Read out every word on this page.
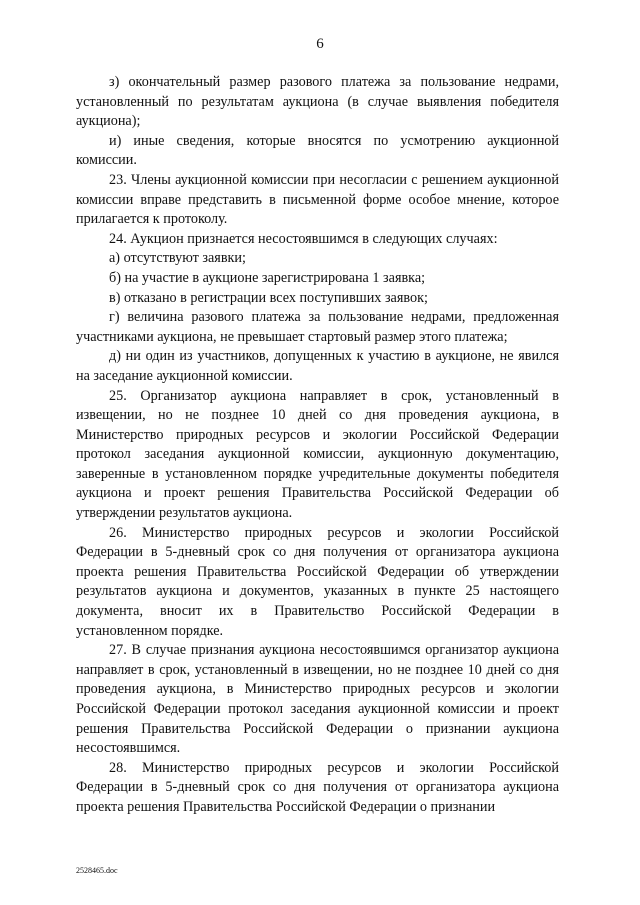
6

з) окончательный размер разового платежа за пользование недрами, установленный по результатам аукциона (в случае выявления победителя аукциона);

и) иные сведения, которые вносятся по усмотрению аукционной комиссии.

23. Члены аукционной комиссии при несогласии с решением аукционной комиссии вправе представить в письменной форме особое мнение, которое прилагается к протоколу.

24. Аукцион признается несостоявшимся в следующих случаях:

а) отсутствуют заявки;

б) на участие в аукционе зарегистрирована 1 заявка;

в) отказано в регистрации всех поступивших заявок;

г) величина разового платежа за пользование недрами, предложенная участниками аукциона, не превышает стартовый размер этого платежа;

д) ни один из участников, допущенных к участию в аукционе, не явился на заседание аукционной комиссии.

25. Организатор аукциона направляет в срок, установленный в извещении, но не позднее 10 дней со дня проведения аукциона, в Министерство природных ресурсов и экологии Российской Федерации протокол заседания аукционной комиссии, аукционную документацию, заверенные в установленном порядке учредительные документы победителя аукциона и проект решения Правительства Российской Федерации об утверждении результатов аукциона.

26. Министерство природных ресурсов и экологии Российской Федерации в 5-дневный срок со дня получения от организатора аукциона проекта решения Правительства Российской Федерации об утверждении результатов аукциона и документов, указанных в пункте 25 настоящего документа, вносит их в Правительство Российской Федерации в установленном порядке.

27. В случае признания аукциона несостоявшимся организатор аукциона направляет в срок, установленный в извещении, но не позднее 10 дней со дня проведения аукциона, в Министерство природных ресурсов и экологии Российской Федерации протокол заседания аукционной комиссии и проект решения Правительства Российской Федерации о признании аукциона несостоявшимся.

28. Министерство природных ресурсов и экологии Российской Федерации в 5-дневный срок со дня получения от организатора аукциона проекта решения Правительства Российской Федерации о признании

2528465.doc
